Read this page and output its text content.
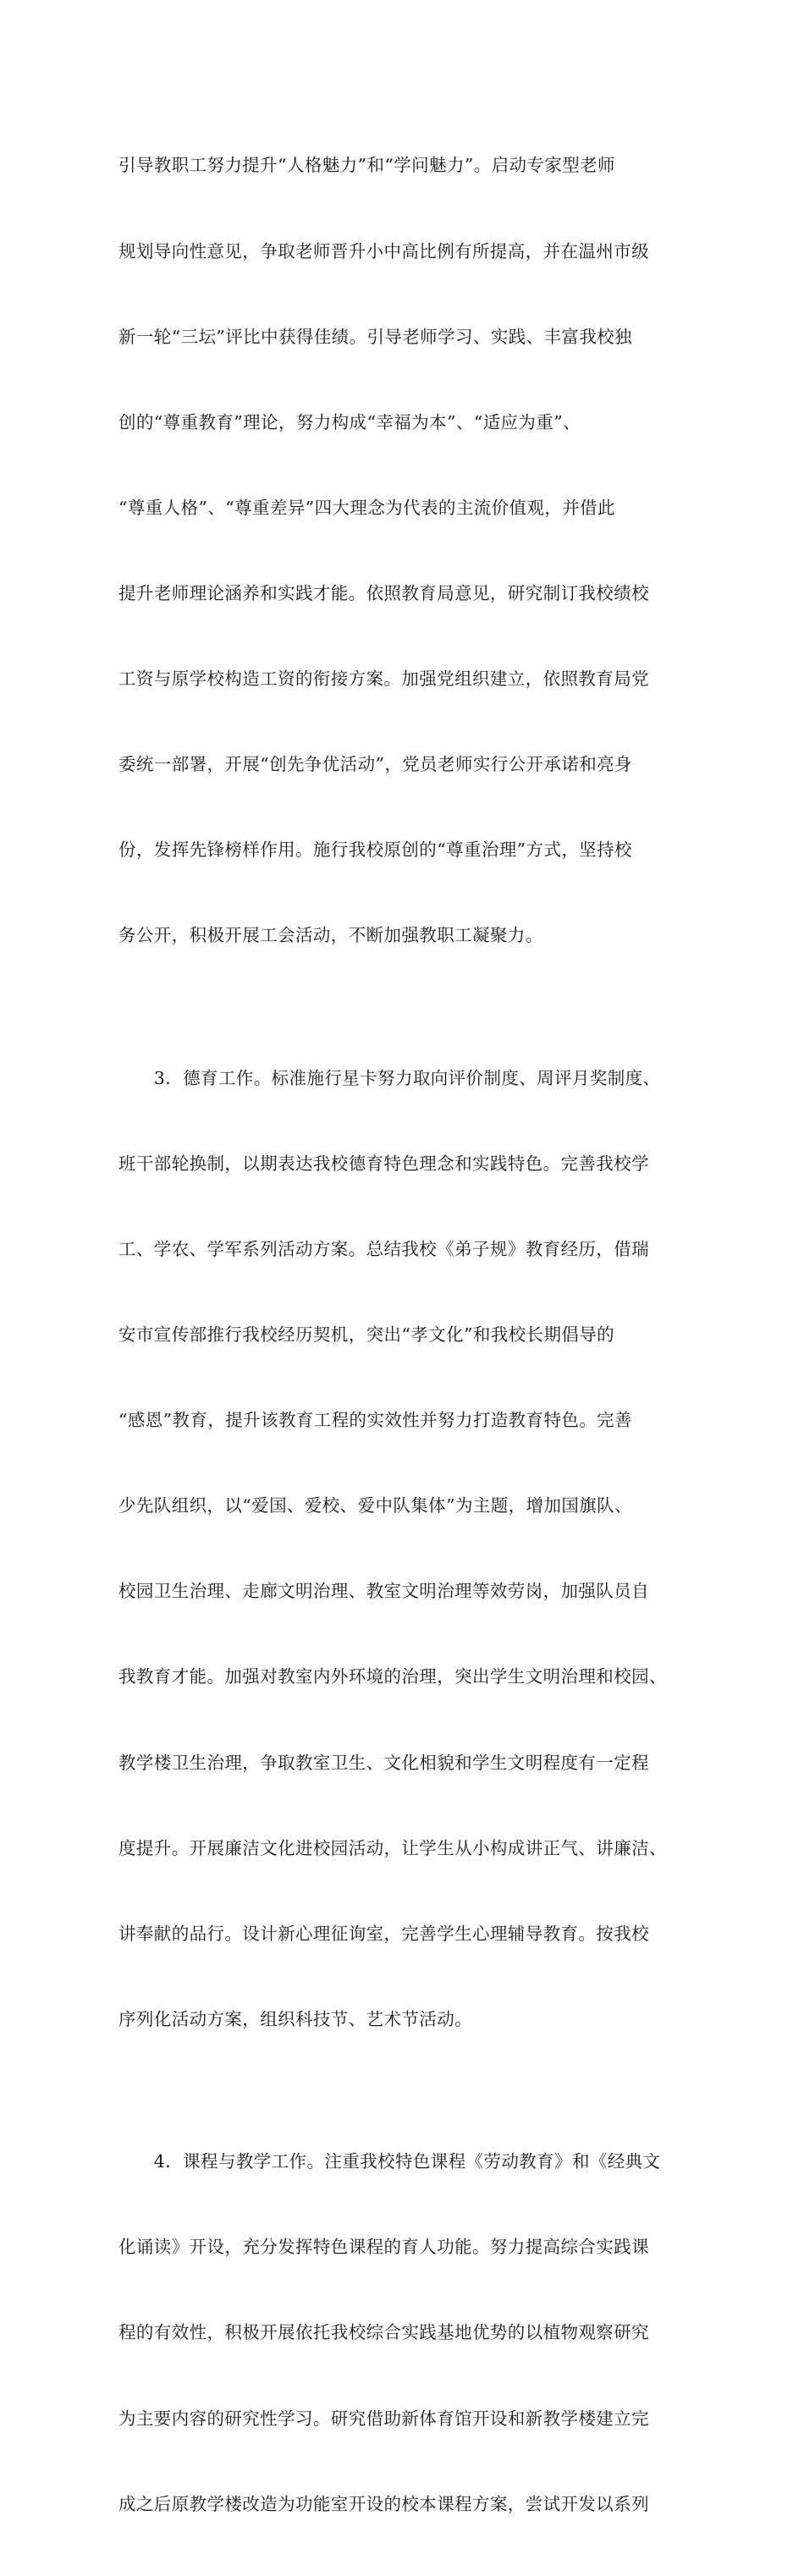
引导教职工努力提升“人格魅力”和“学问魅力”。启动专家型老师

规划导向性意见，争取老师晋升小中高比例有所提高，并在温州市级

新一轮“三坛”评比中获得佳绩。引导老师学习、实践、丰富我校独

创的“尊重教育”理论，努力构成“幸福为本”、“适应为重”、

“尊重人格”、“尊重差异”四大理念为代表的主流价值观，并借此

提升老师理论涵养和实践才能。依照教育局意见，研究制订我校绩校

工资与原学校构造工资的衔接方案。加强党组织建立，依照教育局党

委统一部署，开展“创先争优活动”，党员老师实行公开承诺和亮身

份，发挥先锋榜样作用。施行我校原创的“尊重治理”方式，坚持校

务公开，积极开展工会活动，不断加强教职工凝聚力。

　　3．德育工作。标准施行星卡努力取向评价制度、周评月奖制度、

班干部轮换制，以期表达我校德育特色理念和实践特色。完善我校学

工、学农、学军系列活动方案。总结我校《弟子规》教育经历，借瑞

安市宣传部推行我校经历契机，突出“孝文化”和我校长期倡导的

“感恩”教育，提升该教育工程的实效性并努力打造教育特色。完善

少先队组织，以“爱国、爱校、爱中队集体”为主题，增加国旗队、

校园卫生治理、走廊文明治理、教室文明治理等效劳岗，加强队员自

我教育才能。加强对教室内外环境的治理，突出学生文明治理和校园、

教学楼卫生治理，争取教室卫生、文化相貌和学生文明程度有一定程

度提升。开展廉洁文化进校园活动，让学生从小构成讲正气、讲廉洁、

讲奉献的品行。设计新心理征询室，完善学生心理辅导教育。按我校

序列化活动方案，组织科技节、艺术节活动。

　　4．课程与教学工作。注重我校特色课程《劳动教育》和《经典文

化诵读》开设，充分发挥特色课程的育人功能。努力提高综合实践课

程的有效性，积极开展依托我校综合实践基地优势的以植物观察研究

为主要内容的研究性学习。研究借助新体育馆开设和新教学楼建立完

成之后原教学楼改造为功能室开设的校本课程方案，尝试开发以系列
